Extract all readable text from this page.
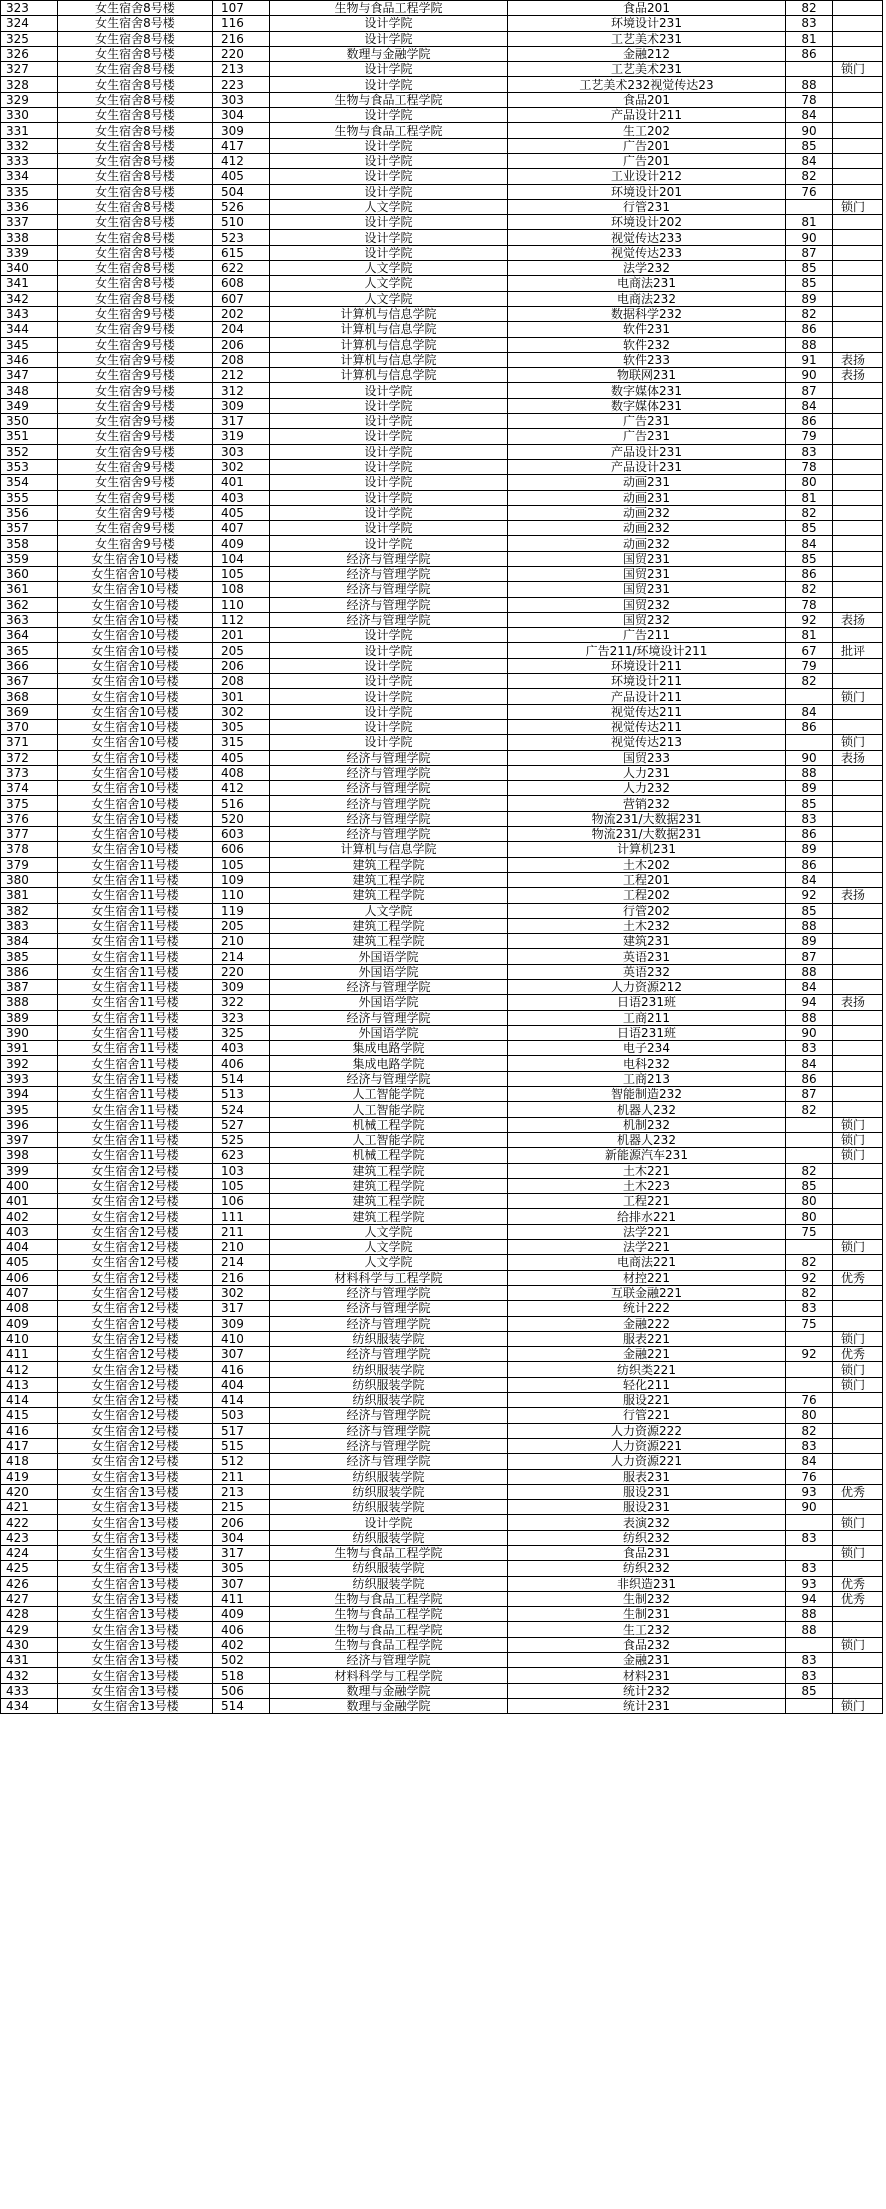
323	女生宿舍8号楼	107	生物与食品工程学院	食品201	82	
324	女生宿舍8号楼	116	设计学院	环境设计231	83	
325	女生宿舍8号楼	216	设计学院	工艺美术231	81	
326	女生宿舍8号楼	220	数理与金融学院	金融212	86	
327	女生宿舍8号楼	213	设计学院	工艺美术231		锁门
328	女生宿舍8号楼	223	设计学院	工艺美术232视觉传达23	88	
329	女生宿舍8号楼	303	生物与食品工程学院	食品201	78	
330	女生宿舍8号楼	304	设计学院	产品设计211	84	
331	女生宿舍8号楼	309	生物与食品工程学院	生工202	90	
332	女生宿舍8号楼	417	设计学院	广告201	85	
333	女生宿舍8号楼	412	设计学院	广告201	84	
334	女生宿舍8号楼	405	设计学院	工业设计212	82	
335	女生宿舍8号楼	504	设计学院	环境设计201	76	
336	女生宿舍8号楼	526	人文学院	行管231		锁门
337	女生宿舍8号楼	510	设计学院	环境设计202	81	
338	女生宿舍8号楼	523	设计学院	视觉传达233	90	
339	女生宿舍8号楼	615	设计学院	视觉传达233	87	
340	女生宿舍8号楼	622	人文学院	法学232	85	
341	女生宿舍8号楼	608	人文学院	电商法231	85	
342	女生宿舍8号楼	607	人文学院	电商法232	89	
343	女生宿舍9号楼	202	计算机与信息学院	数据科学232	82	
344	女生宿舍9号楼	204	计算机与信息学院	软件231	86	
345	女生宿舍9号楼	206	计算机与信息学院	软件232	88	
346	女生宿舍9号楼	208	计算机与信息学院	软件233	91	表扬
347	女生宿舍9号楼	212	计算机与信息学院	物联网231	90	表扬
348	女生宿舍9号楼	312	设计学院	数字媒体231	87	
349	女生宿舍9号楼	309	设计学院	数字媒体231	84	
350	女生宿舍9号楼	317	设计学院	广告231	86	
351	女生宿舍9号楼	319	设计学院	广告231	79	
352	女生宿舍9号楼	303	设计学院	产品设计231	83	
353	女生宿舍9号楼	302	设计学院	产品设计231	78	
354	女生宿舍9号楼	401	设计学院	动画231	80	
355	女生宿舍9号楼	403	设计学院	动画231	81	
356	女生宿舍9号楼	405	设计学院	动画232	82	
357	女生宿舍9号楼	407	设计学院	动画232	85	
358	女生宿舍9号楼	409	设计学院	动画232	84	
359	女生宿舍10号楼	104	经济与管理学院	国贸231	85	
360	女生宿舍10号楼	105	经济与管理学院	国贸231	86	
361	女生宿舍10号楼	108	经济与管理学院	国贸231	82	
362	女生宿舍10号楼	110	经济与管理学院	国贸232	78	
363	女生宿舍10号楼	112	经济与管理学院	国贸232	92	表扬
364	女生宿舍10号楼	201	设计学院	广告211	81	
365	女生宿舍10号楼	205	设计学院	广告211/环境设计211	67	批评
366	女生宿舍10号楼	206	设计学院	环境设计211	79	
367	女生宿舍10号楼	208	设计学院	环境设计211	82	
368	女生宿舍10号楼	301	设计学院	产品设计211		锁门
369	女生宿舍10号楼	302	设计学院	视觉传达211	84	
370	女生宿舍10号楼	305	设计学院	视觉传达211	86	
371	女生宿舍10号楼	315	设计学院	视觉传达213		锁门
372	女生宿舍10号楼	405	经济与管理学院	国贸233	90	表扬
373	女生宿舍10号楼	408	经济与管理学院	人力231	88	
374	女生宿舍10号楼	412	经济与管理学院	人力232	89	
375	女生宿舍10号楼	516	经济与管理学院	营销232	85	
376	女生宿舍10号楼	520	经济与管理学院	物流231/大数据231	83	
377	女生宿舍10号楼	603	经济与管理学院	物流231/大数据231	86	
378	女生宿舍10号楼	606	计算机与信息学院	计算机231	89	
379	女生宿舍11号楼	105	建筑工程学院	土木202	86	
380	女生宿舍11号楼	109	建筑工程学院	工程201	84	
381	女生宿舍11号楼	110	建筑工程学院	工程202	92	表扬
382	女生宿舍11号楼	119	人文学院	行管202	85	
383	女生宿舍11号楼	205	建筑工程学院	土木232	88	
384	女生宿舍11号楼	210	建筑工程学院	建筑231	89	
385	女生宿舍11号楼	214	外国语学院	英语231	87	
386	女生宿舍11号楼	220	外国语学院	英语232	88	
387	女生宿舍11号楼	309	经济与管理学院	人力资源212	84	
388	女生宿舍11号楼	322	外国语学院	日语231班	94	表扬
389	女生宿舍11号楼	323	经济与管理学院	工商211	88	
390	女生宿舍11号楼	325	外国语学院	日语231班	90	
391	女生宿舍11号楼	403	集成电路学院	电子234	83	
392	女生宿舍11号楼	406	集成电路学院	电科232	84	
393	女生宿舍11号楼	514	经济与管理学院	工商213	86	
394	女生宿舍11号楼	513	人工智能学院	智能制造232	87	
395	女生宿舍11号楼	524	人工智能学院	机器人232	82	
396	女生宿舍11号楼	527	机械工程学院	机制232		锁门
397	女生宿舍11号楼	525	人工智能学院	机器人232		锁门
398	女生宿舍11号楼	623	机械工程学院	新能源汽车231		锁门
399	女生宿舍12号楼	103	建筑工程学院	土木221	82	
400	女生宿舍12号楼	105	建筑工程学院	土木223	85	
401	女生宿舍12号楼	106	建筑工程学院	工程221	80	
402	女生宿舍12号楼	111	建筑工程学院	给排水221	80	
403	女生宿舍12号楼	211	人文学院	法学221	75	
404	女生宿舍12号楼	210	人文学院	法学221		锁门
405	女生宿舍12号楼	214	人文学院	电商法221	82	
406	女生宿舍12号楼	216	材料科学与工程学院	材控221	92	优秀
407	女生宿舍12号楼	302	经济与管理学院	互联金融221	82	
408	女生宿舍12号楼	317	经济与管理学院	统计222	83	
409	女生宿舍12号楼	309	经济与管理学院	金融222	75	
410	女生宿舍12号楼	410	纺织服装学院	服表221		锁门
411	女生宿舍12号楼	307	经济与管理学院	金融221	92	优秀
412	女生宿舍12号楼	416	纺织服装学院	纺织类221		锁门
413	女生宿舍12号楼	404	纺织服装学院	轻化211		锁门
414	女生宿舍12号楼	414	纺织服装学院	服设221	76	
415	女生宿舍12号楼	503	经济与管理学院	行管221	80	
416	女生宿舍12号楼	517	经济与管理学院	人力资源222	82	
417	女生宿舍12号楼	515	经济与管理学院	人力资源221	83	
418	女生宿舍12号楼	512	经济与管理学院	人力资源221	84	
419	女生宿舍13号楼	211	纺织服装学院	服表231	76	
420	女生宿舍13号楼	213	纺织服装学院	服设231	93	优秀
421	女生宿舍13号楼	215	纺织服装学院	服设231	90	
422	女生宿舍13号楼	206	设计学院	表演232		锁门
423	女生宿舍13号楼	304	纺织服装学院	纺织232	83	
424	女生宿舍13号楼	317	生物与食品工程学院	食品231		锁门
425	女生宿舍13号楼	305	纺织服装学院	纺织232	83	
426	女生宿舍13号楼	307	纺织服装学院	非织造231	93	优秀
427	女生宿舍13号楼	411	生物与食品工程学院	生制232	94	优秀
428	女生宿舍13号楼	409	生物与食品工程学院	生制231	88	
429	女生宿舍13号楼	406	生物与食品工程学院	生工232	88	
430	女生宿舍13号楼	402	生物与食品工程学院	食品232		锁门
431	女生宿舍13号楼	502	经济与管理学院	金融231	83	
432	女生宿舍13号楼	518	材料科学与工程学院	材料231	83	
433	女生宿舍13号楼	506	数理与金融学院	统计232	85	
434	女生宿舍13号楼	514	数理与金融学院	统计231		锁门
